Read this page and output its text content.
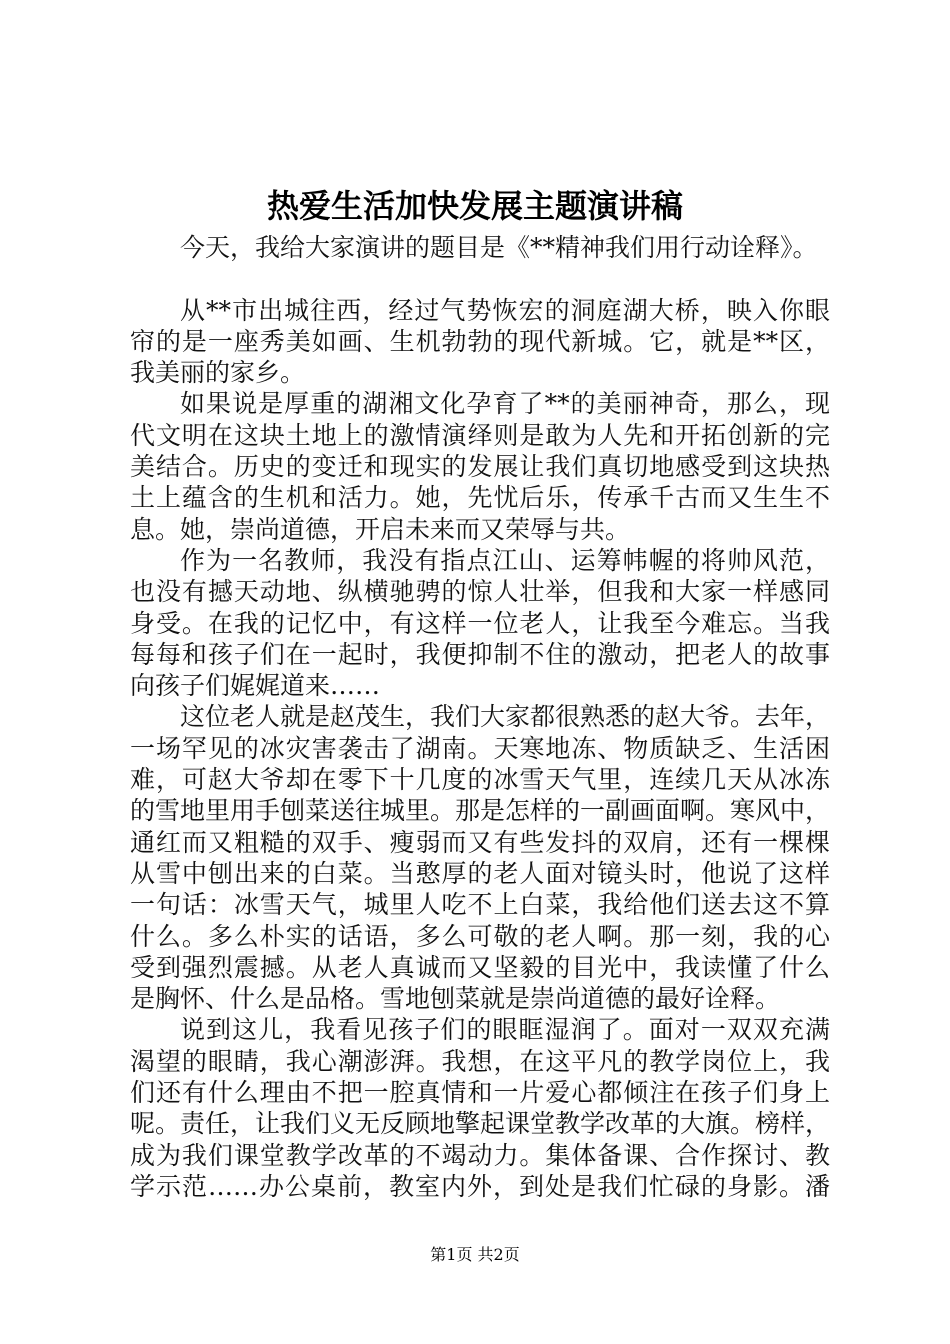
热爱生活加快发展主题演讲稿
今天，我给大家演讲的题目是《**精神我们用行动诠释》。
从**市出城往西，经过气势恢宏的洞庭湖大桥，映入你眼
帘的是一座秀美如画、生机勃勃的现代新城。它，就是**区，
我美丽的家乡。
如果说是厚重的湖湘文化孕育了**的美丽神奇，那么，现
代文明在这块土地上的激情演绎则是敢为人先和开拓创新的完
美结合。历史的变迁和现实的发展让我们真切地感受到这块热
土上蕴含的生机和活力。她，先忧后乐，传承千古而又生生不
息。她，崇尚道德，开启未来而又荣辱与共。
作为一名教师，我没有指点江山、运筹帏幄的将帅风范，
也没有撼天动地、纵横驰骋的惊人壮举，但我和大家一样感同
身受。在我的记忆中，有这样一位老人，让我至今难忘。当我
每每和孩子们在一起时，我便抑制不住的激动，把老人的故事
向孩子们娓娓道来……
这位老人就是赵茂生，我们大家都很熟悉的赵大爷。去年，
一场罕见的冰灾害袭击了湖南。天寒地冻、物质缺乏、生活困
难，可赵大爷却在零下十几度的冰雪天气里，连续几天从冰冻
的雪地里用手刨菜送往城里。那是怎样的一副画面啊。寒风中，
通红而又粗糙的双手、瘦弱而又有些发抖的双肩，还有一棵棵
从雪中刨出来的白菜。当憨厚的老人面对镜头时，他说了这样
一句话：冰雪天气，城里人吃不上白菜，我给他们送去这不算
什么。多么朴实的话语，多么可敬的老人啊。那一刻，我的心
受到强烈震撼。从老人真诚而又坚毅的目光中，我读懂了什么
是胸怀、什么是品格。雪地刨菜就是崇尚道德的最好诠释。
说到这儿，我看见孩子们的眼眶湿润了。面对一双双充满
渴望的眼睛，我心潮澎湃。我想，在这平凡的教学岗位上，我
们还有什么理由不把一腔真情和一片爱心都倾注在孩子们身上
呢。责任，让我们义无反顾地擎起课堂教学改革的大旗。榜样，
成为我们课堂教学改革的不竭动力。集体备课、合作探讨、教
学示范……办公桌前，教室内外，到处是我们忙碌的身影。潘
第1页 共2页
